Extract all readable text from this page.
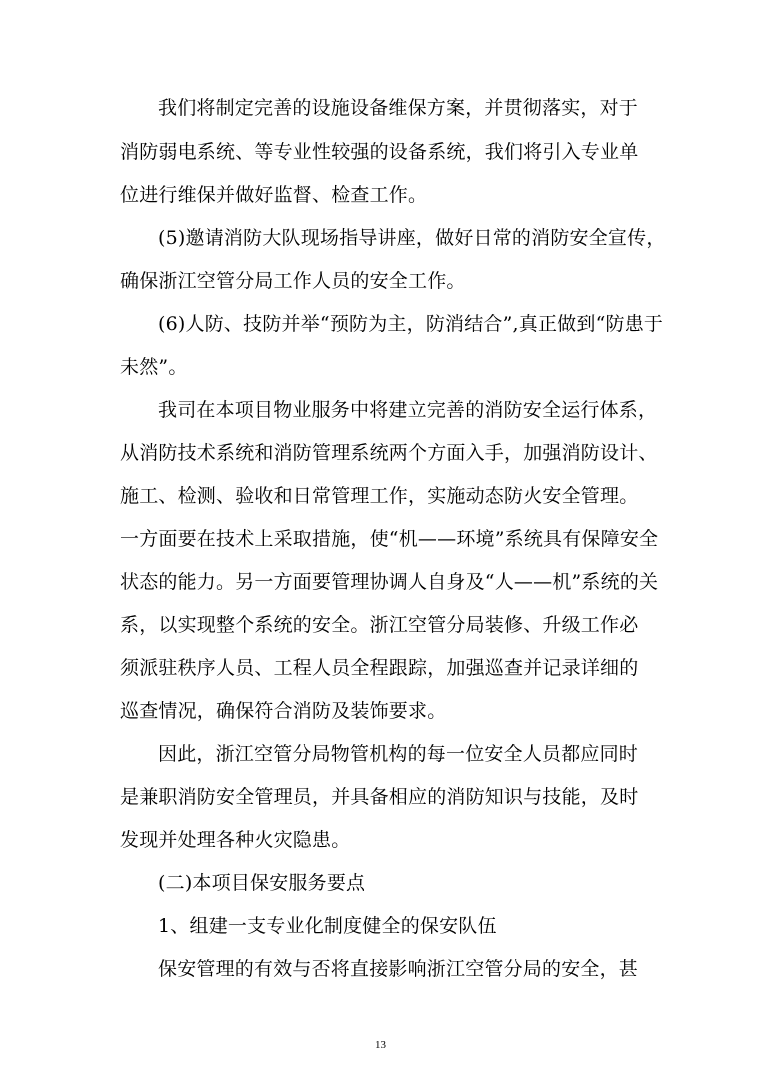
我们将制定完善的设施设备维保方案，并贯彻落实，对于
消防弱电系统、等专业性较强的设备系统，我们将引入专业单
位进行维保并做好监督、检查工作。
(5)邀请消防大队现场指导讲座，做好日常的消防安全宣传，
确保浙江空管分局工作人员的安全工作。
(6)人防、技防并举“预防为主，防消结合”,真正做到“防患于
未然”。
我司在本项目物业服务中将建立完善的消防安全运行体系，
从消防技术系统和消防管理系统两个方面入手，加强消防设计、
施工、检测、验收和日常管理工作，实施动态防火安全管理。
一方面要在技术上采取措施，使“机——环境”系统具有保障安全
状态的能力。另一方面要管理协调人自身及“人——机”系统的关
系，以实现整个系统的安全。浙江空管分局装修、升级工作必
须派驻秩序人员、工程人员全程跟踪，加强巡查并记录详细的
巡查情况，确保符合消防及装饰要求。
因此，浙江空管分局物管机构的每一位安全人员都应同时
是兼职消防安全管理员，并具备相应的消防知识与技能，及时
发现并处理各种火灾隐患。
(二)本项目保安服务要点
1、组建一支专业化制度健全的保安队伍
保安管理的有效与否将直接影响浙江空管分局的安全，甚
13
